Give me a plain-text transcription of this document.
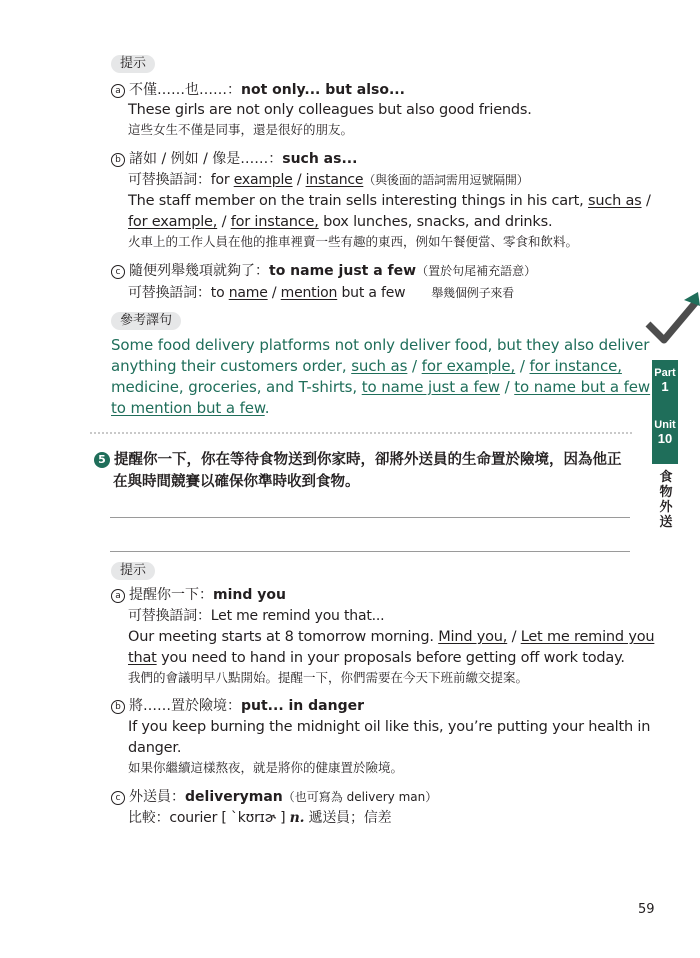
提示
a 不僅……也……：not only... but also...
These girls are not only colleagues but also good friends.
這些女生不僅是同事，還是很好的朋友。
b 諸如 / 例如 / 像是……：such as...
可替換語詞：for example / instance（與後面的語詞需用逗號隔開）
The staff member on the train sells interesting things in his cart, such as /
for example, / for instance, box lunches, snacks, and drinks.
火車上的工作人員在他的推車裡賣一些有趣的東西，例如午餐便當、零食和飲料。
c 隨便列舉幾項就夠了：to name just a few（置於句尾補充語意）
可替換語詞：to name / mention but a few 舉幾個例子來看
參考譯句
Some food delivery platforms not only deliver food, but they also deliver
anything their customers order, such as / for example, / for instance,
medicine, groceries, and T-shirts, to name just a few / to name but a few
to mention but a few.
5 提醒你一下，你在等待食物送到你家時，卻將外送員的生命置於險境，因為他正
在與時間競賽以確保你準時收到食物。
提示
a 提醒你一下：mind you
可替換語詞：Let me remind you that...
Our meeting starts at 8 tomorrow morning. Mind you, / Let me remind you
that you need to hand in your proposals before getting off work today.
我們的會議明早八點開始。提醒一下，你們需要在今天下班前繳交提案。
b 將……置於險境：put... in danger
If you keep burning the midnight oil like this, you’re putting your health in
danger.
如果你繼續這樣熬夜，就是將你的健康置於險境。
c 外送員：deliveryman（也可寫為 delivery man）
比較：courier [ ˋkʊrɪɚ ] n. 遞送員；信差
Part
1
Unit
10
食物外送
59
